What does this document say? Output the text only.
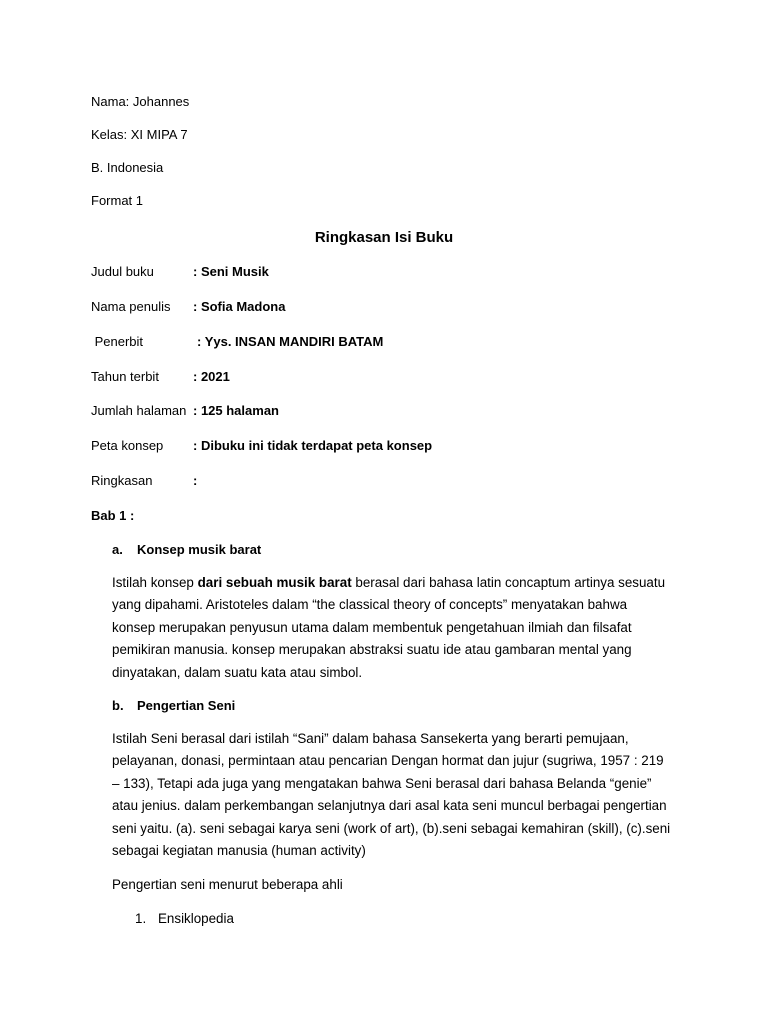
Nama: Johannes
Kelas: XI MIPA 7
B. Indonesia
Format 1
Ringkasan Isi Buku
Judul buku	: Seni Musik
Nama penulis : Sofia Madona
Penerbit	: Yys. INSAN MANDIRI BATAM
Tahun terbit	: 2021
Jumlah halaman : 125 halaman
Peta konsep : Dibuku ini tidak terdapat peta konsep
Ringkasan	:
Bab 1 :
a. Konsep musik barat
Istilah konsep dari sebuah musik barat berasal dari bahasa latin concaptum artinya sesuatu yang dipahami. Aristoteles dalam “the classical theory of concepts” menyatakan bahwa konsep merupakan penyusun utama dalam membentuk pengetahuan ilmiah dan filsafat pemikiran manusia. konsep merupakan abstraksi suatu ide atau gambaran mental yang dinyatakan, dalam suatu kata atau simbol.
b. Pengertian Seni
Istilah Seni berasal dari istilah “Sani” dalam bahasa Sansekerta yang berarti pemujaan, pelayanan, donasi, permintaan atau pencarian Dengan hormat dan jujur (sugriwa, 1957 : 219 – 133), Tetapi ada juga yang mengatakan bahwa Seni berasal dari bahasa Belanda “genie” atau jenius. dalam perkembangan selanjutnya dari asal kata seni muncul berbagai pengertian seni yaitu. (a). seni sebagai karya seni (work of art), (b).seni sebagai kemahiran (skill), (c).seni sebagai kegiatan manusia (human activity)
Pengertian seni menurut beberapa ahli
1. Ensiklopedia
